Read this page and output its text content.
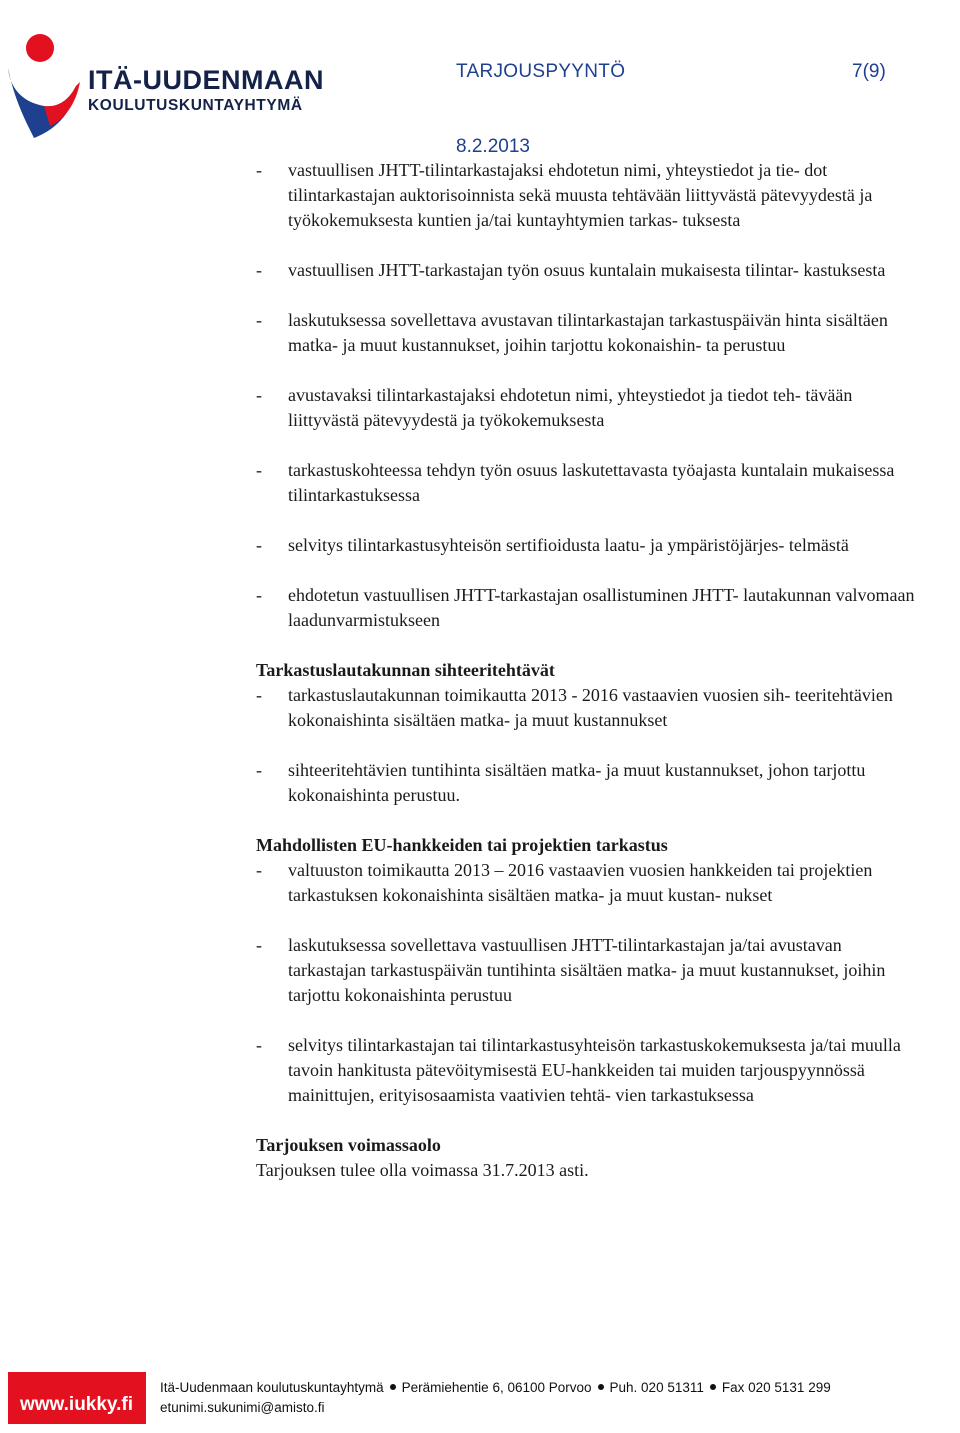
ITÄ-UUDENMAAN
KOULUTUSKUNTAYHTYMÄ
TARJOUSPYYNTÖ	7(9)
8.2.2013
- vastuullisen JHTT-tilintarkastajaksi ehdotetun nimi, yhteystiedot ja tie- dot tilintarkastajan auktorisoinnista sekä muusta tehtävään liittyvästä pätevyydestä ja työkokemuksesta kuntien ja/tai kuntayhtymien tarkas- tuksesta
- vastuullisen JHTT-tarkastajan työn osuus kuntalain mukaisesta tilintar- kastuksesta
- laskutuksessa sovellettava avustavan tilintarkastajan tarkastuspäivän hinta sisältäen matka- ja muut kustannukset, joihin tarjottu kokonaishin- ta perustuu
- avustavaksi tilintarkastajaksi ehdotetun nimi, yhteystiedot ja tiedot teh- tävään liittyvästä pätevyydestä ja työkokemuksesta
- tarkastuskohteessa tehdyn työn osuus laskutettavasta työajasta kuntalain mukaisessa tilintarkastuksessa
- selvitys tilintarkastusyhteisön sertifioidusta laatu- ja ympäristöjärjes- telmästä
- ehdotetun vastuullisen JHTT-tarkastajan osallistuminen JHTT- lautakunnan valvomaan laadunvarmistukseen

Tarkastuslautakunnan sihteeritehtävät

- tarkastuslautakunnan toimikautta 2013 - 2016 vastaavien vuosien sih- teeritehtävien kokonaishinta sisältäen matka- ja muut kustannukset
- sihteeritehtävien tuntihinta sisältäen matka- ja muut kustannukset, johon tarjottu kokonaishinta perustuu.

Mahdollisten EU-hankkeiden tai projektien tarkastus

- valtuuston toimikautta 2013 – 2016 vastaavien vuosien hankkeiden tai projektien tarkastuksen kokonaishinta sisältäen matka- ja muut kustan- nukset
- laskutuksessa sovellettava vastuullisen JHTT-tilintarkastajan ja/tai avustavan tarkastajan tarkastuspäivän tuntihinta sisältäen matka- ja muut kustannukset, joihin tarjottu kokonaishinta perustuu
- selvitys tilintarkastajan tai tilintarkastusyhteisön tarkastuskokemuksesta ja/tai muulla tavoin hankitusta pätevöitymisestä EU-hankkeiden tai muiden tarjouspyynnössä mainittujen, erityisosaamista vaativien tehtä- vien tarkastuksessa

Tarjouksen voimassaolo

Tarjouksen tulee olla voimassa 31.7.2013 asti.

www.iukky.fi
Itä-Uudenmaan koulutuskuntayhtymä Perämiehentie 6, 06100 Porvoo Puh. 020 51311 Fax 020 5131 299
etunimi.sukunimi@amisto.fi
